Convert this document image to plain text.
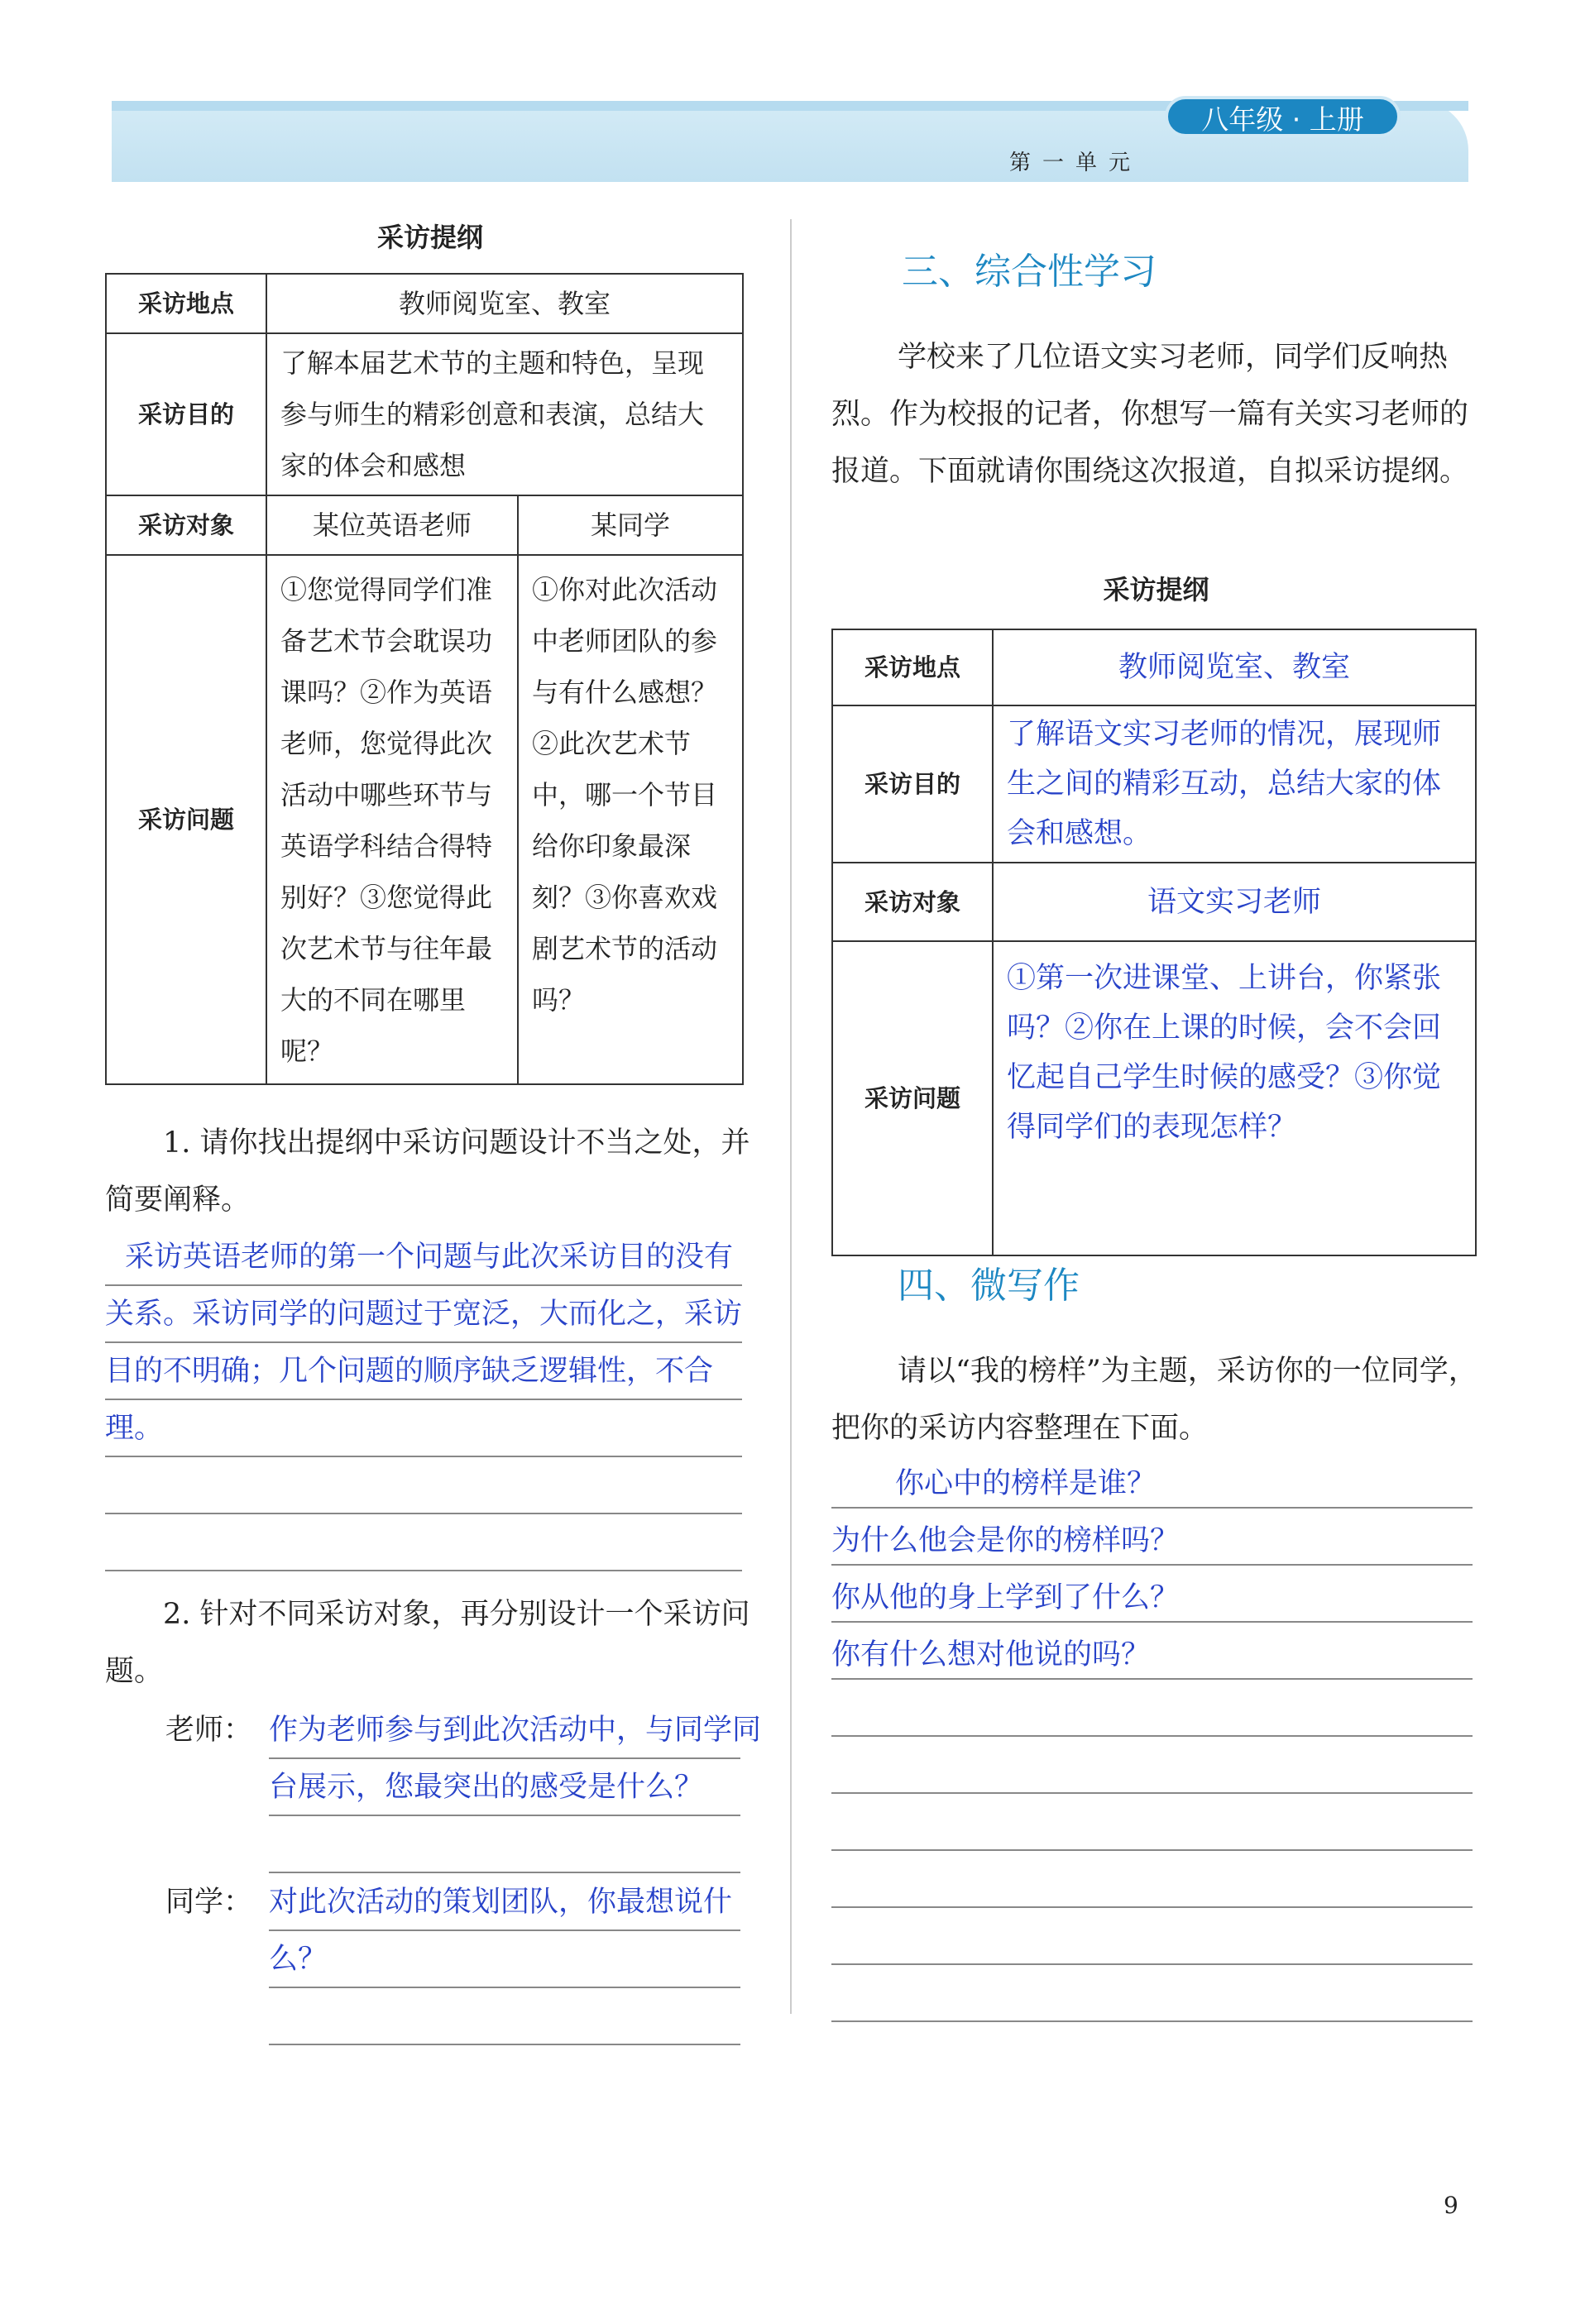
八年级 · 上册
第一单元
采访提纲
采访地点	教师阅览室、教室	
采访目的	了解本届艺术节的主题和特色，呈现参与师生的精彩创意和表演，总结大家的体会和感想	
采访对象	某位英语老师	某同学
采访问题	①您觉得同学们准备艺术节会耽误功课吗？②作为英语老师，您觉得此次活动中哪些环节与英语学科结合得特别好？③您觉得此次艺术节与往年最大的不同在哪里呢？	①你对此次活动中老师团队的参与有什么感想？②此次艺术节中，哪一个节目给你印象最深刻？③你喜欢戏剧艺术节的活动吗？
1. 请你找出提纲中采访问题设计不当之处，并简要阐释。
采访英语老师的第一个问题与此次采访目的没有关系。采访同学的问题过于宽泛，大而化之，采访目的不明确；几个问题的顺序缺乏逻辑性，不合理。
2. 针对不同采访对象，再分别设计一个采访问题。
老师： 作为老师参与到此次活动中，与同学同台展示，您最突出的感受是什么？
同学： 对此次活动的策划团队，你最想说什么？
三、综合性学习
学校来了几位语文实习老师，同学们反响热烈。作为校报的记者，你想写一篇有关实习老师的报道。下面就请你围绕这次报道，自拟采访提纲。
采访提纲
采访地点	教师阅览室、教室
采访目的	了解语文实习老师的情况，展现师生之间的精彩互动，总结大家的体会和感想。
采访对象	语文实习老师
采访问题	①第一次进课堂、上讲台，你紧张吗？②你在上课的时候，会不会回忆起自己学生时候的感受？③你觉得同学们的表现怎样？
四、微写作
请以“我的榜样”为主题，采访你的一位同学，把你的采访内容整理在下面。
你心中的榜样是谁？
为什么他会是你的榜样吗？
你从他的身上学到了什么？
你有什么想对他说的吗？
9
